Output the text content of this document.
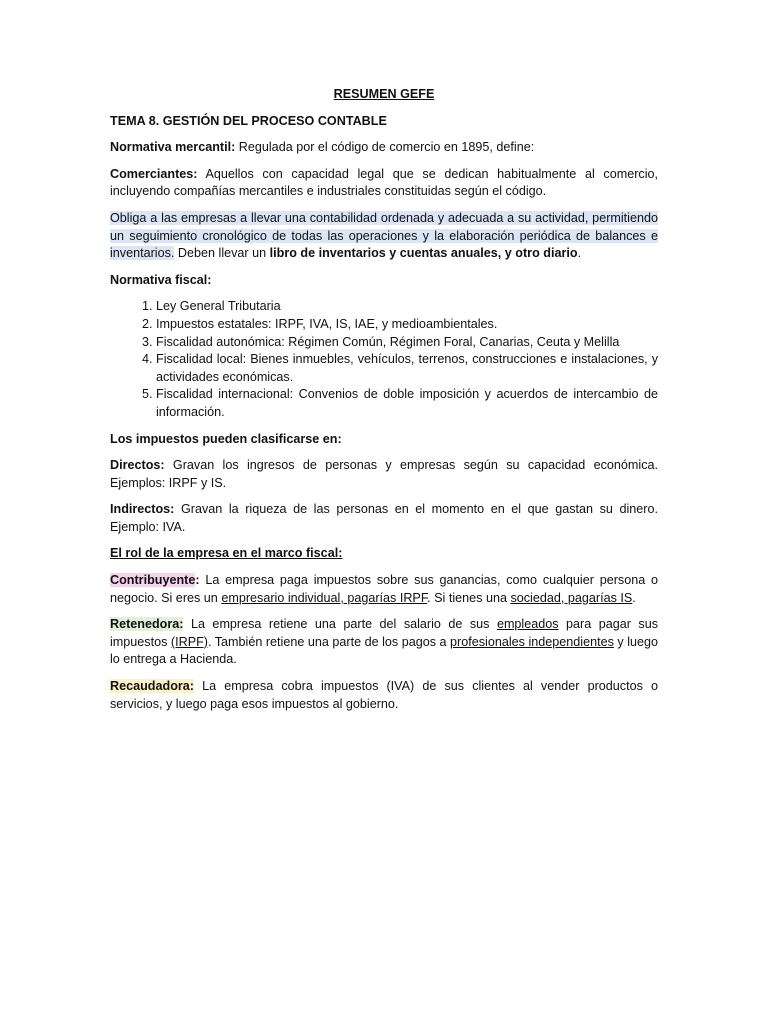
RESUMEN GEFE

TEMA 8. GESTIÓN DEL PROCESO CONTABLE

Normativa mercantil: Regulada por el código de comercio en 1895, define:

Comerciantes: Aquellos con capacidad legal que se dedican habitualmente al comercio, incluyendo compañías mercantiles e industriales constituidas según el código.

Obliga a las empresas a llevar una contabilidad ordenada y adecuada a su actividad, permitiendo un seguimiento cronológico de todas las operaciones y la elaboración periódica de balances e inventarios. Deben llevar un libro de inventarios y cuentas anuales, y otro diario.

Normativa fiscal:

1. Ley General Tributaria
2. Impuestos estatales: IRPF, IVA, IS, IAE, y medioambientales.
3. Fiscalidad autonómica: Régimen Común, Régimen Foral, Canarias, Ceuta y Melilla
4. Fiscalidad local: Bienes inmuebles, vehículos, terrenos, construcciones e instalaciones, y actividades económicas.
5. Fiscalidad internacional: Convenios de doble imposición y acuerdos de intercambio de información.

Los impuestos pueden clasificarse en:

Directos: Gravan los ingresos de personas y empresas según su capacidad económica. Ejemplos: IRPF y IS.

Indirectos: Gravan la riqueza de las personas en el momento en el que gastan su dinero. Ejemplo: IVA.

El rol de la empresa en el marco fiscal:

Contribuyente: La empresa paga impuestos sobre sus ganancias, como cualquier persona o negocio. Si eres un empresario individual, pagarías IRPF. Si tienes una sociedad, pagarías IS.

Retenedora: La empresa retiene una parte del salario de sus empleados para pagar sus impuestos (IRPF). También retiene una parte de los pagos a profesionales independientes y luego lo entrega a Hacienda.

Recaudadora: La empresa cobra impuestos (IVA) de sus clientes al vender productos o servicios, y luego paga esos impuestos al gobierno.
